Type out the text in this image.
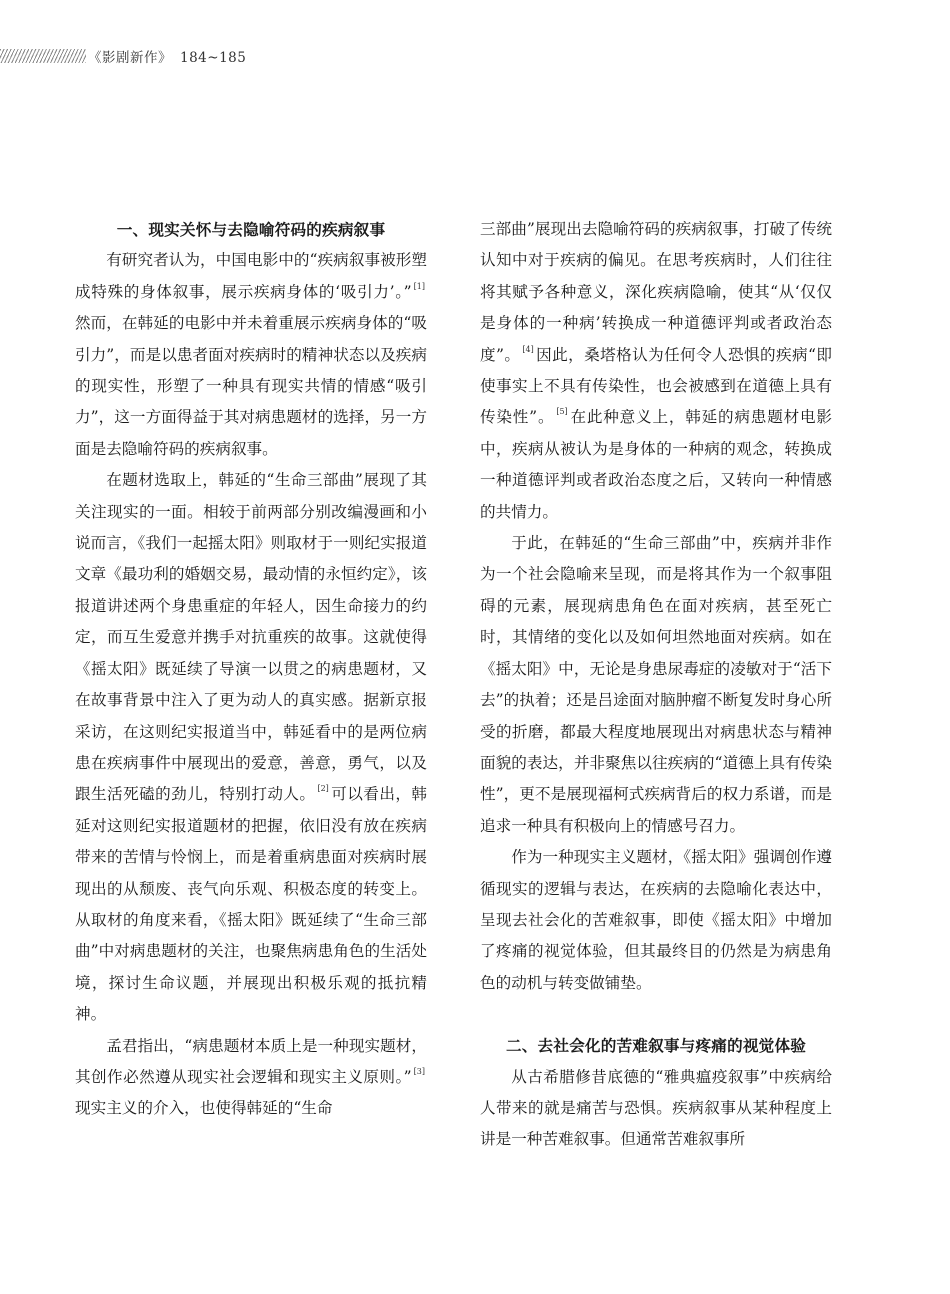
《影剧新作》 184~185
一、现实关怀与去隐喻符码的疾病叙事

有研究者认为，中国电影中的“疾病叙事被形塑成特殊的身体叙事，展示疾病身体的‘吸引力’。” [1]然而，在韩延的电影中并未着重展示疾病身体的“吸引力”，而是以患者面对疾病时的精神状态以及疾病的现实性，形塑了一种具有现实共情的情感“吸引力”，这一方面得益于其对病患题材的选择，另一方面是去隐喻符码的疾病叙事。

在题材选取上，韩延的“生命三部曲”展现了其关注现实的一面。相较于前两部分别改编漫画和小说而言，《我们一起摇太阳》则取材于一则纪实报道文章《最功利的婚姻交易，最动情的永恒约定》，该报道讲述两个身患重症的年轻人，因生命接力的约定，而互生爱意并携手对抗重疾的故事。这就使得《摇太阳》既延续了导演一以贯之的病患题材，又在故事背景中注入了更为动人的真实感。据新京报采访，在这则纪实报道当中，韩延看中的是两位病患在疾病事件中展现出的爱意，善意，勇气，以及跟生活死磕的劲儿，特别打动人。 [2] 可以看出，韩延对这则纪实报道题材的把握，依旧没有放在疾病带来的苦情与怜悯上，而是着重病患面对疾病时展现出的从颓废、丧气向乐观、积极态度的转变上。从取材的角度来看，《摇太阳》既延续了“生命三部曲”中对病患题材的关注，也聚焦病患角色的生活处境，探讨生命议题，并展现出积极乐观的抵抗精神。

孟君指出，“病患题材本质上是一种现实题材，其创作必然遵从现实社会逻辑和现实主义原则。” [3]现实主义的介入，也使得韩延的“生命

三部曲”展现出去隐喻符码的疾病叙事，打破了传统认知中对于疾病的偏见。在思考疾病时，人们往往将其赋予各种意义，深化疾病隐喻，使其“从‘仅仅是身体的一种病’转换成一种道德评判或者政治态度”。 [4] 因此，桑塔格认为任何令人恐惧的疾病“即使事实上不具有传染性，也会被感到在道德上具有传染性”。 [5] 在此种意义上，韩延的病患题材电影中，疾病从被认为是身体的一种病的观念，转换成一种道德评判或者政治态度之后，又转向一种情感的共情力。

于此，在韩延的“生命三部曲”中，疾病并非作为一个社会隐喻来呈现，而是将其作为一个叙事阻碍的元素，展现病患角色在面对疾病，甚至死亡时，其情绪的变化以及如何坦然地面对疾病。如在《摇太阳》中，无论是身患尿毒症的凌敏对于“活下去”的执着；还是吕途面对脑肿瘤不断复发时身心所受的折磨，都最大程度地展现出对病患状态与精神面貌的表达，并非聚焦以往疾病的“道德上具有传染性”，更不是展现福柯式疾病背后的权力系谱，而是追求一种具有积极向上的情感号召力。

作为一种现实主义题材，《摇太阳》强调创作遵循现实的逻辑与表达，在疾病的去隐喻化表达中，呈现去社会化的苦难叙事，即使《摇太阳》中增加了疼痛的视觉体验，但其最终目的仍然是为病患角色的动机与转变做铺垫。

二、去社会化的苦难叙事与疼痛的视觉体验

从古希腊修昔底德的“雅典瘟疫叙事”中疾病给人带来的就是痛苦与恐惧。疾病叙事从某种程度上讲是一种苦难叙事。但通常苦难叙事所
